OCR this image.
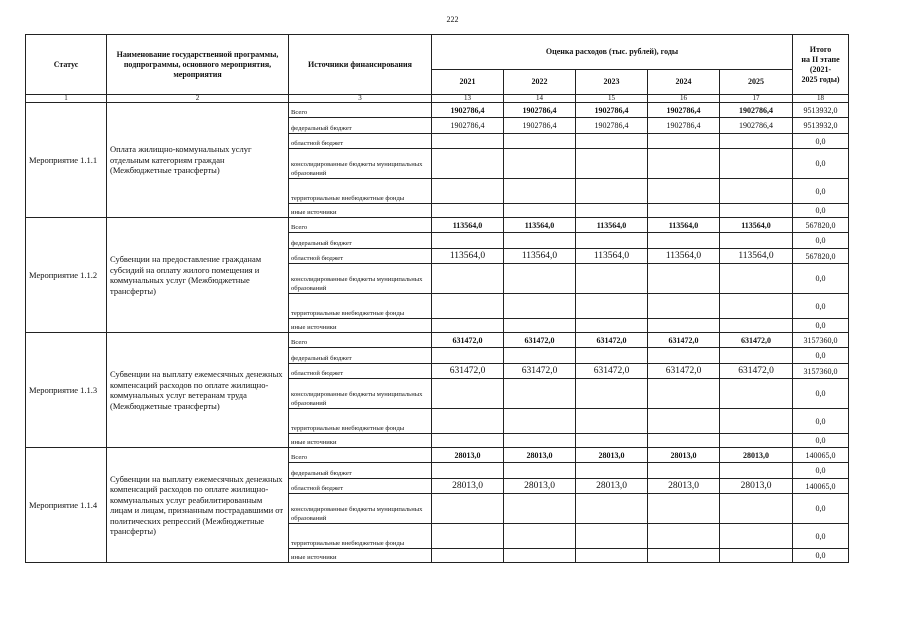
222
Статус	Наименование государственной программы, подпрограммы, основного мероприятия, мероприятия	Источники финансирования	Оценка расходов (тыс. рублей), годы					Итого
на II этапе
(2021-
2025 годы)
			2021	2022	2023	2024	2025	
1	2	3	13	14	15	16	17	18
Мероприятие 1.1.1	Оплата жилищно-коммунальных услуг отдельным категориям граждан (Межбюджетные трансферты)	Всего	1902786,4	1902786,4	1902786,4	1902786,4	1902786,4	9513932,0
		федеральный бюджет	1902786,4	1902786,4	1902786,4	1902786,4	1902786,4	9513932,0
		областной бюджет						0,0
		консолидированные бюджеты муниципальных образований						0,0
		территориальные внебюджетные фонды						0,0
		иные источники						0,0
Мероприятие 1.1.2	Субвенции на предоставление гражданам субсидий на оплату жилого помещения и коммунальных услуг (Межбюджетные трансферты)	Всего	113564,0	113564,0	113564,0	113564,0	113564,0	567820,0
		федеральный бюджет						0,0
		областной бюджет	113564,0	113564,0	113564,0	113564,0	113564,0	567820,0
		консолидированные бюджеты муниципальных образований						0,0
		территориальные внебюджетные фонды						0,0
		иные источники						0,0
Мероприятие 1.1.3	Субвенции на выплату ежемесячных денежных компенсаций расходов по оплате жилищно-коммунальных услуг ветеранам труда (Межбюджетные трансферты)	Всего	631472,0	631472,0	631472,0	631472,0	631472,0	3157360,0
		федеральный бюджет						0,0
		областной бюджет	631472,0	631472,0	631472,0	631472,0	631472,0	3157360,0
		консолидированные бюджеты муниципальных образований						0,0
		территориальные внебюджетные фонды						0,0
		иные источники						0,0
Мероприятие 1.1.4	Субвенции на выплату ежемесячных денежных компенсаций расходов по оплате жилищно-коммунальных услуг реабилитированным лицам и лицам, признанным пострадавшими от политических репрессий (Межбюджетные трансферты)	Всего	28013,0	28013,0	28013,0	28013,0	28013,0	140065,0
		федеральный бюджет						0,0
		областной бюджет	28013,0	28013,0	28013,0	28013,0	28013,0	140065,0
		консолидированные бюджеты муниципальных образований						0,0
		территориальные внебюджетные фонды						0,0
		иные источники						0,0
